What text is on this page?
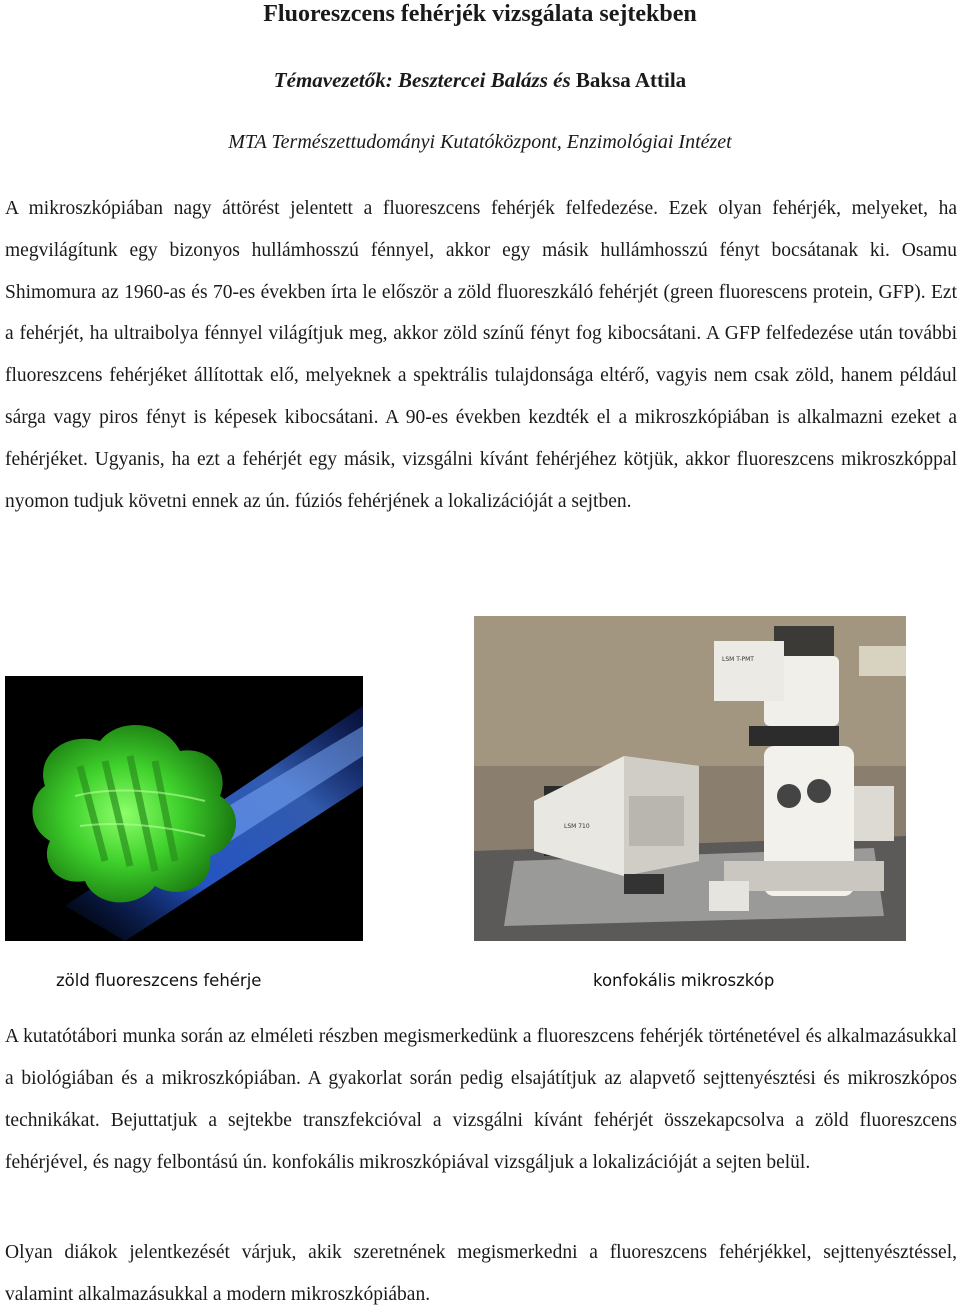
Fluoreszcens fehérjék vizsgálata sejtekben
Témavezetők: Besztercei Balázs és Baksa Attila
MTA Természettudományi Kutatóközpont, Enzimológiai Intézet
A mikroszkópiában nagy áttörést jelentett a fluoreszcens fehérjék felfedezése. Ezek olyan fehérjék, melyeket, ha megvilágítunk egy bizonyos hullámhosszú fénnyel, akkor egy másik hullámhosszú fényt bocsátanak ki. Osamu Shimomura az 1960-as és 70-es években írta le először a zöld fluoreszkáló fehérjét (green fluorescens protein, GFP). Ezt a fehérjét, ha ultraibolya fénnyel világítjuk meg, akkor zöld színű fényt fog kibocsátani. A GFP felfedezése után további fluoreszcens fehérjéket állítottak elő, melyeknek a spektrális tulajdonsága eltérő, vagyis nem csak zöld, hanem például sárga vagy piros fényt is képesek kibocsátani. A 90-es években kezdték el a mikroszkópiában is alkalmazni ezeket a fehérjéket. Ugyanis, ha ezt a fehérjét egy másik, vizsgálni kívánt fehérjéhez kötjük, akkor fluoreszcens mikroszkóppal nyomon tudjuk követni ennek az ún. fúziós fehérjének a lokalizációját a sejtben.
LSM 710
LSM T-PMT
zöld fluoreszcens fehérje	konfokális mikroszkóp
A kutatótábori munka során az elméleti részben megismerkedünk a fluoreszcens fehérjék történetével és alkalmazásukkal a biológiában és a mikroszkópiában. A gyakorlat során pedig elsajátítjuk az alapvető sejttenyésztési és mikroszkópos technikákat. Bejuttatjuk a sejtekbe transzfekcióval a vizsgálni kívánt fehérjét összekapcsolva a zöld fluoreszcens fehérjével, és nagy felbontású ún. konfokális mikroszkópiával vizsgáljuk a lokalizációját a sejten belül.
Olyan diákok jelentkezését várjuk, akik szeretnének megismerkedni a fluoreszcens fehérjékkel, sejttenyésztéssel, valamint alkalmazásukkal a modern mikroszkópiában.
